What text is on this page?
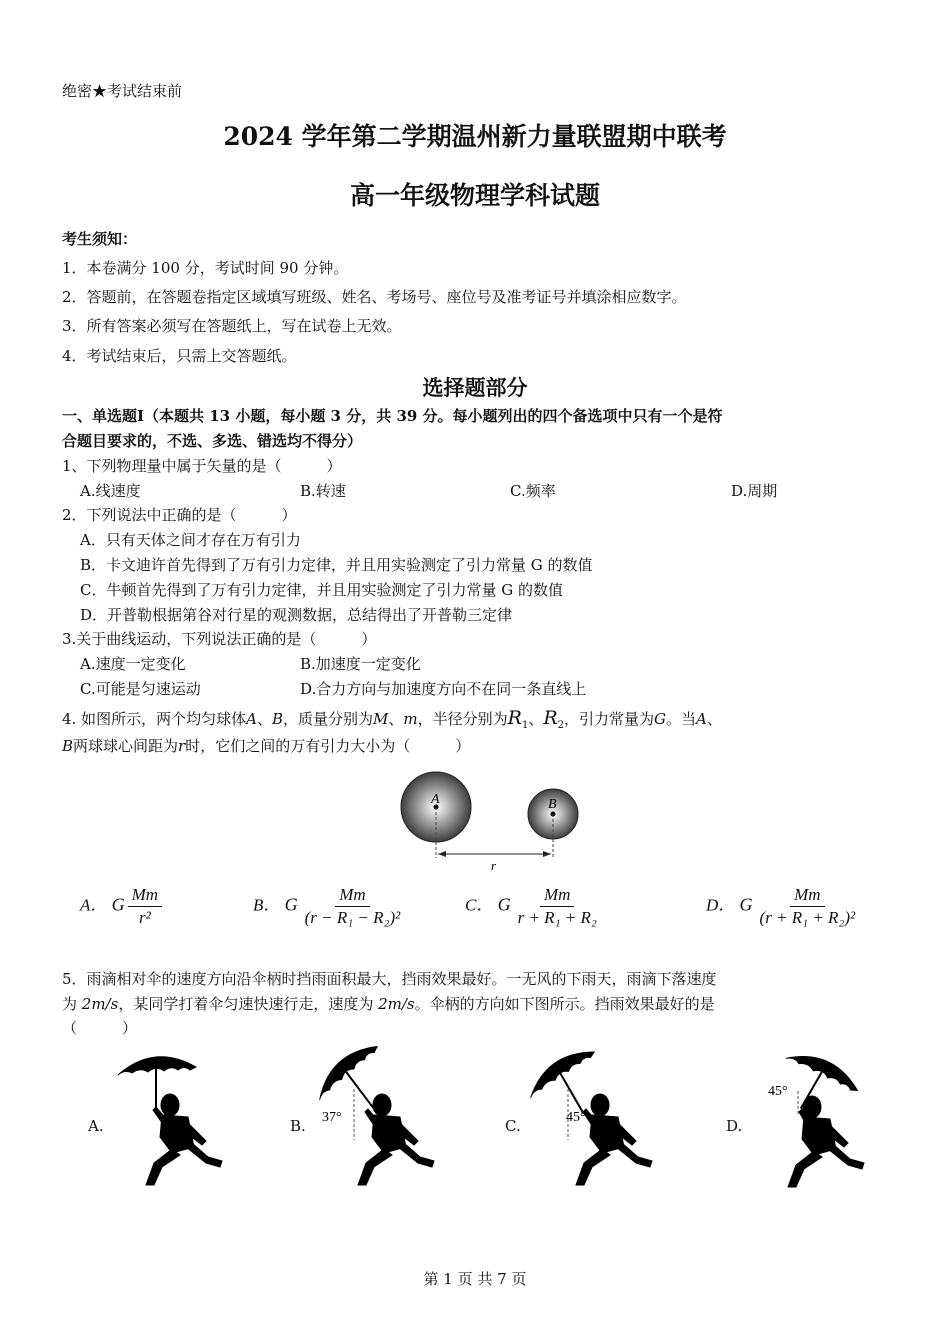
绝密★考试结束前
2024 学年第二学期温州新力量联盟期中联考
高一年级物理学科试题
考生须知：
1．本卷满分 100 分，考试时间 90 分钟。
2．答题前，在答题卷指定区域填写班级、姓名、考场号、座位号及准考证号并填涂相应数字。
3．所有答案必须写在答题纸上，写在试卷上无效。
4．考试结束后，只需上交答题纸。
选择题部分
一、单选题Ⅰ（本题共 13 小题，每小题 3 分，共 39 分。每小题列出的四个备选项中只有一个是符
合题目要求的，不选、多选、错选均不得分）
1、下列物理量中属于矢量的是（　　　）
A.线速度	B.转速	C.频率	D.周期
2．下列说法中正确的是（　　　）
A．只有天体之间才存在万有引力
B．卡文迪许首先得到了万有引力定律，并且用实验测定了引力常量 G 的数值
C．牛顿首先得到了万有引力定律，并且用实验测定了引力常量 G 的数值
D．开普勒根据第谷对行星的观测数据，总结得出了开普勒三定律
3.关于曲线运动，下列说法正确的是（　　　）
A.速度一定变化	B.加速度一定变化
C.可能是匀速运动	D.合力方向与加速度方向不在同一条直线上
4. 如图所示，两个均匀球体A、B，质量分别为M、m，半径分别为$R_1$、$R_2$，引力常量为G。当A、
B两球球心间距为r时，它们之间的万有引力大小为（　　　）
A	B
r
A． G $\frac{Mm}{\text{r²}}$	B． G $\frac{Mm}{\text{(r − R₁ − R₂)²}}$	C． G $\frac{Mm}{\text{r + R₁ + R₂}}$	D． G $\frac{Mm}{\text{(r + R₁ + R₂)²}}$
5．雨滴相对伞的速度方向沿伞柄时挡雨面积最大，挡雨效果最好。一无风的下雨天，雨滴下落速度
为 2m/s，某同学打着伞匀速快速行走，速度为 2m/s。伞柄的方向如下图所示。挡雨效果最好的是
（　　　）
A.	B.	C.	D.
37°	45°
45°
第 1 页 共 7 页
